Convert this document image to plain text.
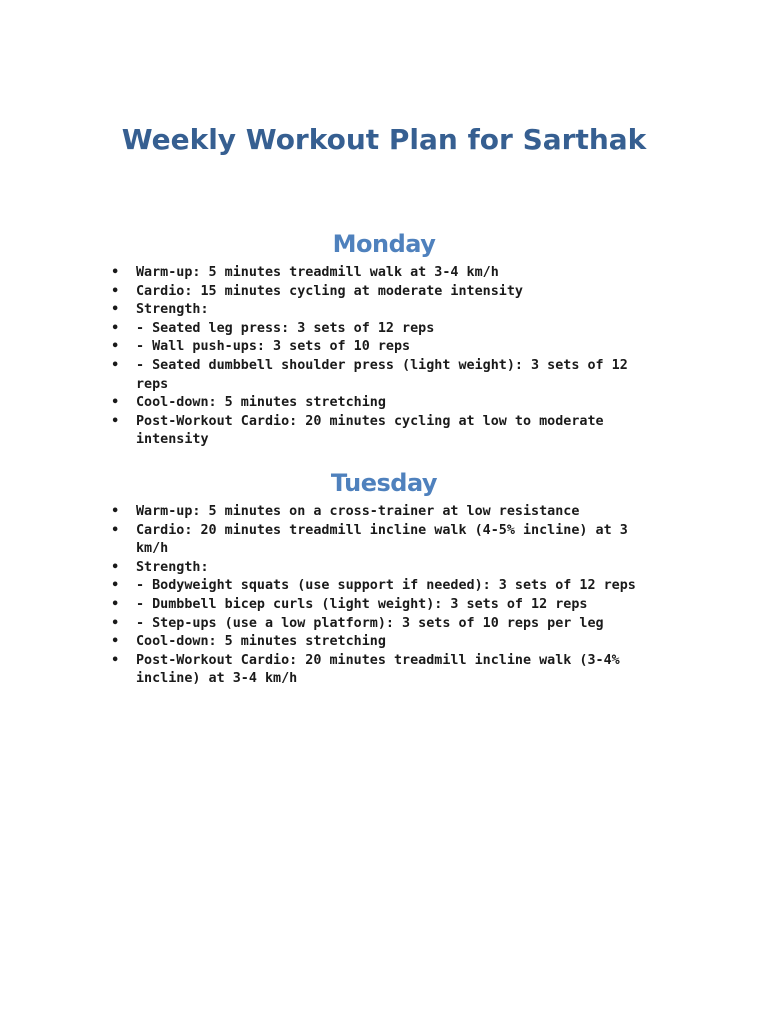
Weekly Workout Plan for Sarthak
Monday
• Warm-up: 5 minutes treadmill walk at 3-4 km/h
• Cardio: 15 minutes cycling at moderate intensity
• Strength:
• - Seated leg press: 3 sets of 12 reps
• - Wall push-ups: 3 sets of 10 reps
• - Seated dumbbell shoulder press (light weight): 3 sets of 12 reps
• Cool-down: 5 minutes stretching
• Post-Workout Cardio: 20 minutes cycling at low to moderate intensity
Tuesday
• Warm-up: 5 minutes on a cross-trainer at low resistance
• Cardio: 20 minutes treadmill incline walk (4-5% incline) at 3 km/h
• Strength:
• - Bodyweight squats (use support if needed): 3 sets of 12 reps
• - Dumbbell bicep curls (light weight): 3 sets of 12 reps
• - Step-ups (use a low platform): 3 sets of 10 reps per leg
• Cool-down: 5 minutes stretching
• Post-Workout Cardio: 20 minutes treadmill incline walk (3-4% incline) at 3-4 km/h
